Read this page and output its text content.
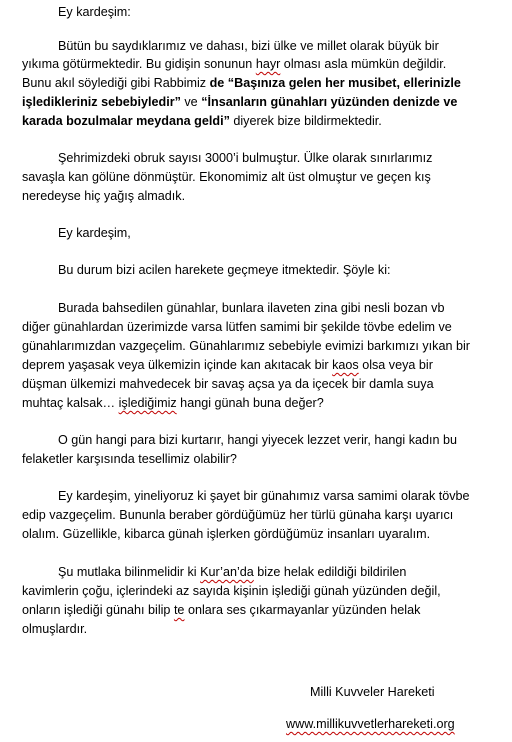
Ey kardeşim:
Bütün bu saydıklarımız ve dahası, bizi ülke ve millet olarak büyük bir
yıkıma götürmektedir. Bu gidişin sonunun hayr olması asla mümkün değildir.
Bunu akıl söylediği gibi Rabbimiz de “Başınıza gelen her musibet, ellerinizle
işledikleriniz sebebiyledir” ve “İnsanların günahları yüzünden denizde ve
karada bozulmalar meydana geldi” diyerek bize bildirmektedir.
Şehrimizdeki obruk sayısı 3000’i bulmuştur. Ülke olarak sınırlarımız
savaşla kan gölüne dönmüştür. Ekonomimiz alt üst olmuştur ve geçen kış
neredeyse hiç yağış almadık.
Ey kardeşim,
Bu durum bizi acilen harekete geçmeye itmektedir. Şöyle ki:
Burada bahsedilen günahlar, bunlara ilaveten zina gibi nesli bozan vb
diğer günahlardan üzerimizde varsa lütfen samimi bir şekilde tövbe edelim ve
günahlarımızdan vazgeçelim. Günahlarımız sebebiyle evimizi barkımızı yıkan bir
deprem yaşasak veya ülkemizin içinde kan akıtacak bir kaos olsa veya bir
düşman ülkemizi mahvedecek bir savaş açsa ya da içecek bir damla suya
muhtaç kalsak… işlediğimiz hangi günah buna değer?
O gün hangi para bizi kurtarır, hangi yiyecek lezzet verir, hangi kadın bu
felaketler karşısında tesellimiz olabilir?
Ey kardeşim, yineliyoruz ki şayet bir günahımız varsa samimi olarak tövbe
edip vazgeçelim. Bununla beraber gördüğümüz her türlü günaha karşı uyarıcı
olalım. Güzellikle, kibarca günah işlerken gördüğümüz insanları uyaralım.
Şu mutlaka bilinmelidir ki Kur’an’da bize helak edildiği bildirilen
kavimlerin çoğu, içlerindeki az sayıda kişinin işlediği günah yüzünden değil,
onların işlediği günahı bilip te onlara ses çıkarmayanlar yüzünden helak
olmuşlardır.
Milli Kuvveler Hareketi
www.millikuvvetlerhareketi.org
